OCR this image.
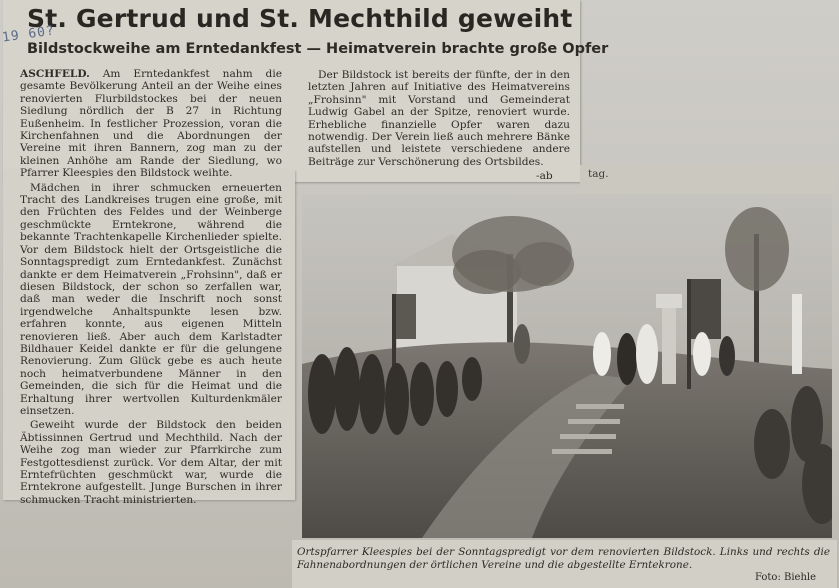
St. Gertrud und St. Mechthild geweiht
19 60?
Bildstockweihe am Erntedankfest — Heimatverein brachte große Opfer

ASCHFELD. Am Erntedankfest nahm die gesamte Bevölkerung Anteil an der Weihe eines renovierten Flurbildstockes bei der neuen Siedlung nördlich der B 27 in Richtung Eußenheim. In festlicher Prozession, voran die Kirchenfahnen und die Abordnungen der Vereine mit ihren Bannern, zog man zu der kleinen Anhöhe am Rande der Siedlung, wo Pfarrer Kleespies den Bildstock weihte.

Mädchen in ihrer schmucken erneuerten Tracht des Landkreises trugen eine große, mit den Früchten des Feldes und der Weinberge geschmückte Erntekrone, während die bekannte Trachtenkapelle Kirchenlieder spielte. Vor dem Bildstock hielt der Ortsgeistliche die Sonntagspredigt zum Erntedankfest. Zunächst dankte er dem Heimatverein „Frohsinn", daß er diesen Bildstock, der schon so zerfallen war, daß man weder die Inschrift noch sonst irgendwelche Anhaltspunkte lesen bzw. erfahren konnte, aus eigenen Mitteln renovieren ließ. Aber auch dem Karlstadter Bildhauer Keidel dankte er für die gelungene Renovierung. Zum Glück gebe es auch heute noch heimatverbundene Männer in den Gemeinden, die sich für die Heimat und die Erhaltung ihrer wertvollen Kulturdenkmäler einsetzen.

Geweiht wurde der Bildstock den beiden Äbtissinnen Gertrud und Mechthild. Nach der Weihe zog man wieder zur Pfarrkirche zum Festgottesdienst zurück. Vor dem Altar, der mit Erntefrüchten geschmückt war, wurde die Erntekrone aufgestellt. Junge Burschen in ihrer schmucken Tracht ministrierten.

Der Bildstock ist bereits der fünfte, der in den letzten Jahren auf Initiative des Heimatvereins „Frohsinn" mit Vorstand und Gemeinderat Ludwig Gabel an der Spitze, renoviert wurde. Erhebliche finanzielle Opfer waren dazu notwendig. Der Verein ließ auch mehrere Bänke aufstellen und leistete verschiedene andere Beiträge zur Verschönerung des Ortsbildes.

-ab	tag.
Ortspfarrer Kleespies bei der Sonntagspredigt vor dem renovierten Bildstock. Links und rechts die Fahnenabordnungen der örtlichen Vereine und die abgestellte Erntekrone.
Foto: Biehle
